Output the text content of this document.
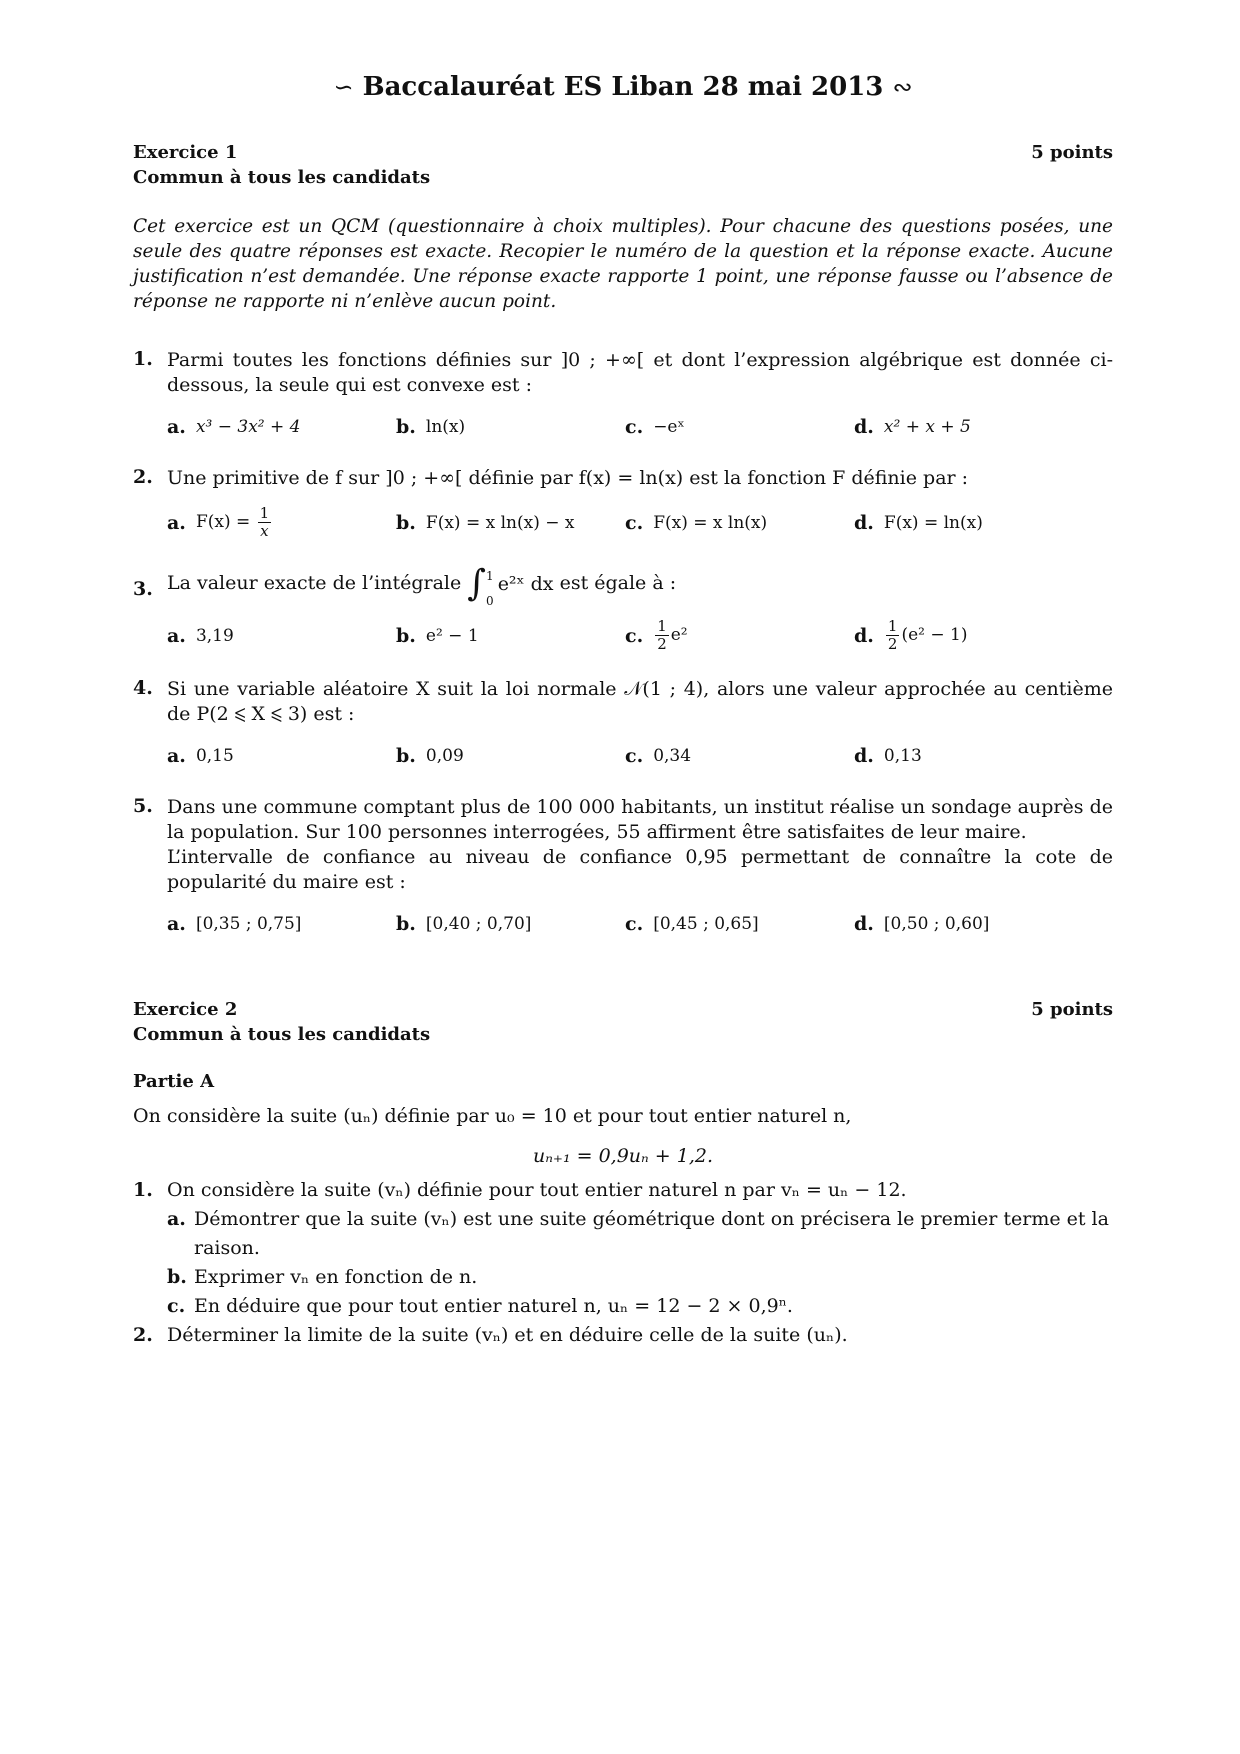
∽ Baccalauréat ES Liban 28 mai 2013 ∾
Exercice 1	5 points
Commun à tous les candidats
Cet exercice est un QCM (questionnaire à choix multiples). Pour chacune des questions posées, une seule des quatre réponses est exacte. Recopier le numéro de la question et la réponse exacte. Aucune justification n’est demandée. Une réponse exacte rapporte 1 point, une réponse fausse ou l’absence de réponse ne rapporte ni n’enlève aucun point.
1. Parmi toutes les fonctions définies sur ]0 ; +∞[ et dont l’expression algébrique est donnée ci-dessous, la seule qui est convexe est :
a. x³ − 3x² + 4	b. ln(x)	c. −eˣ	d. x² + x + 5
2. Une primitive de f sur ]0 ; +∞[ définie par f(x) = ln(x) est la fonction F définie par :
a. $F(x) = \frac{1}{x}$	b. F(x) = x ln(x) − x	c. F(x) = x ln(x)	d. F(x) = ln(x)
3. La valeur exacte de l’intégrale ∫ 1
0
e²ˣ dx est égale à :
a. 3,19	b. e² − 1	c. $\frac{1}{2} e^2$	d. $\frac{1}{2} (e^2 - 1)$
4. Si une variable aléatoire X suit la loi normale 𝒩(1 ; 4), alors une valeur approchée au centième de P(2 ⩽ X ⩽ 3) est :
a. 0,15	b. 0,09	c. 0,34	d. 0,13
5. Dans une commune comptant plus de 100 000 habitants, un institut réalise un sondage auprès de la population. Sur 100 personnes interrogées, 55 affirment être satisfaites de leur maire.
L’intervalle de confiance au niveau de confiance 0,95 permettant de connaître la cote de popularité du maire est :
a. [0,35 ; 0,75]	b. [0,40 ; 0,70]	c. [0,45 ; 0,65]	d. [0,50 ; 0,60]
Exercice 2	5 points
Commun à tous les candidats
Partie A
On considère la suite (uₙ) définie par u₀ = 10 et pour tout entier naturel n,
uₙ₊₁ = 0,9uₙ + 1,2.
1. On considère la suite (vₙ) définie pour tout entier naturel n par vₙ = uₙ − 12.
a. Démontrer que la suite (vₙ) est une suite géométrique dont on précisera le premier terme et la raison.
b. Exprimer vₙ en fonction de n.
c. En déduire que pour tout entier naturel n, uₙ = 12 − 2 × 0,9ⁿ.
2. Déterminer la limite de la suite (vₙ) et en déduire celle de la suite (uₙ).
